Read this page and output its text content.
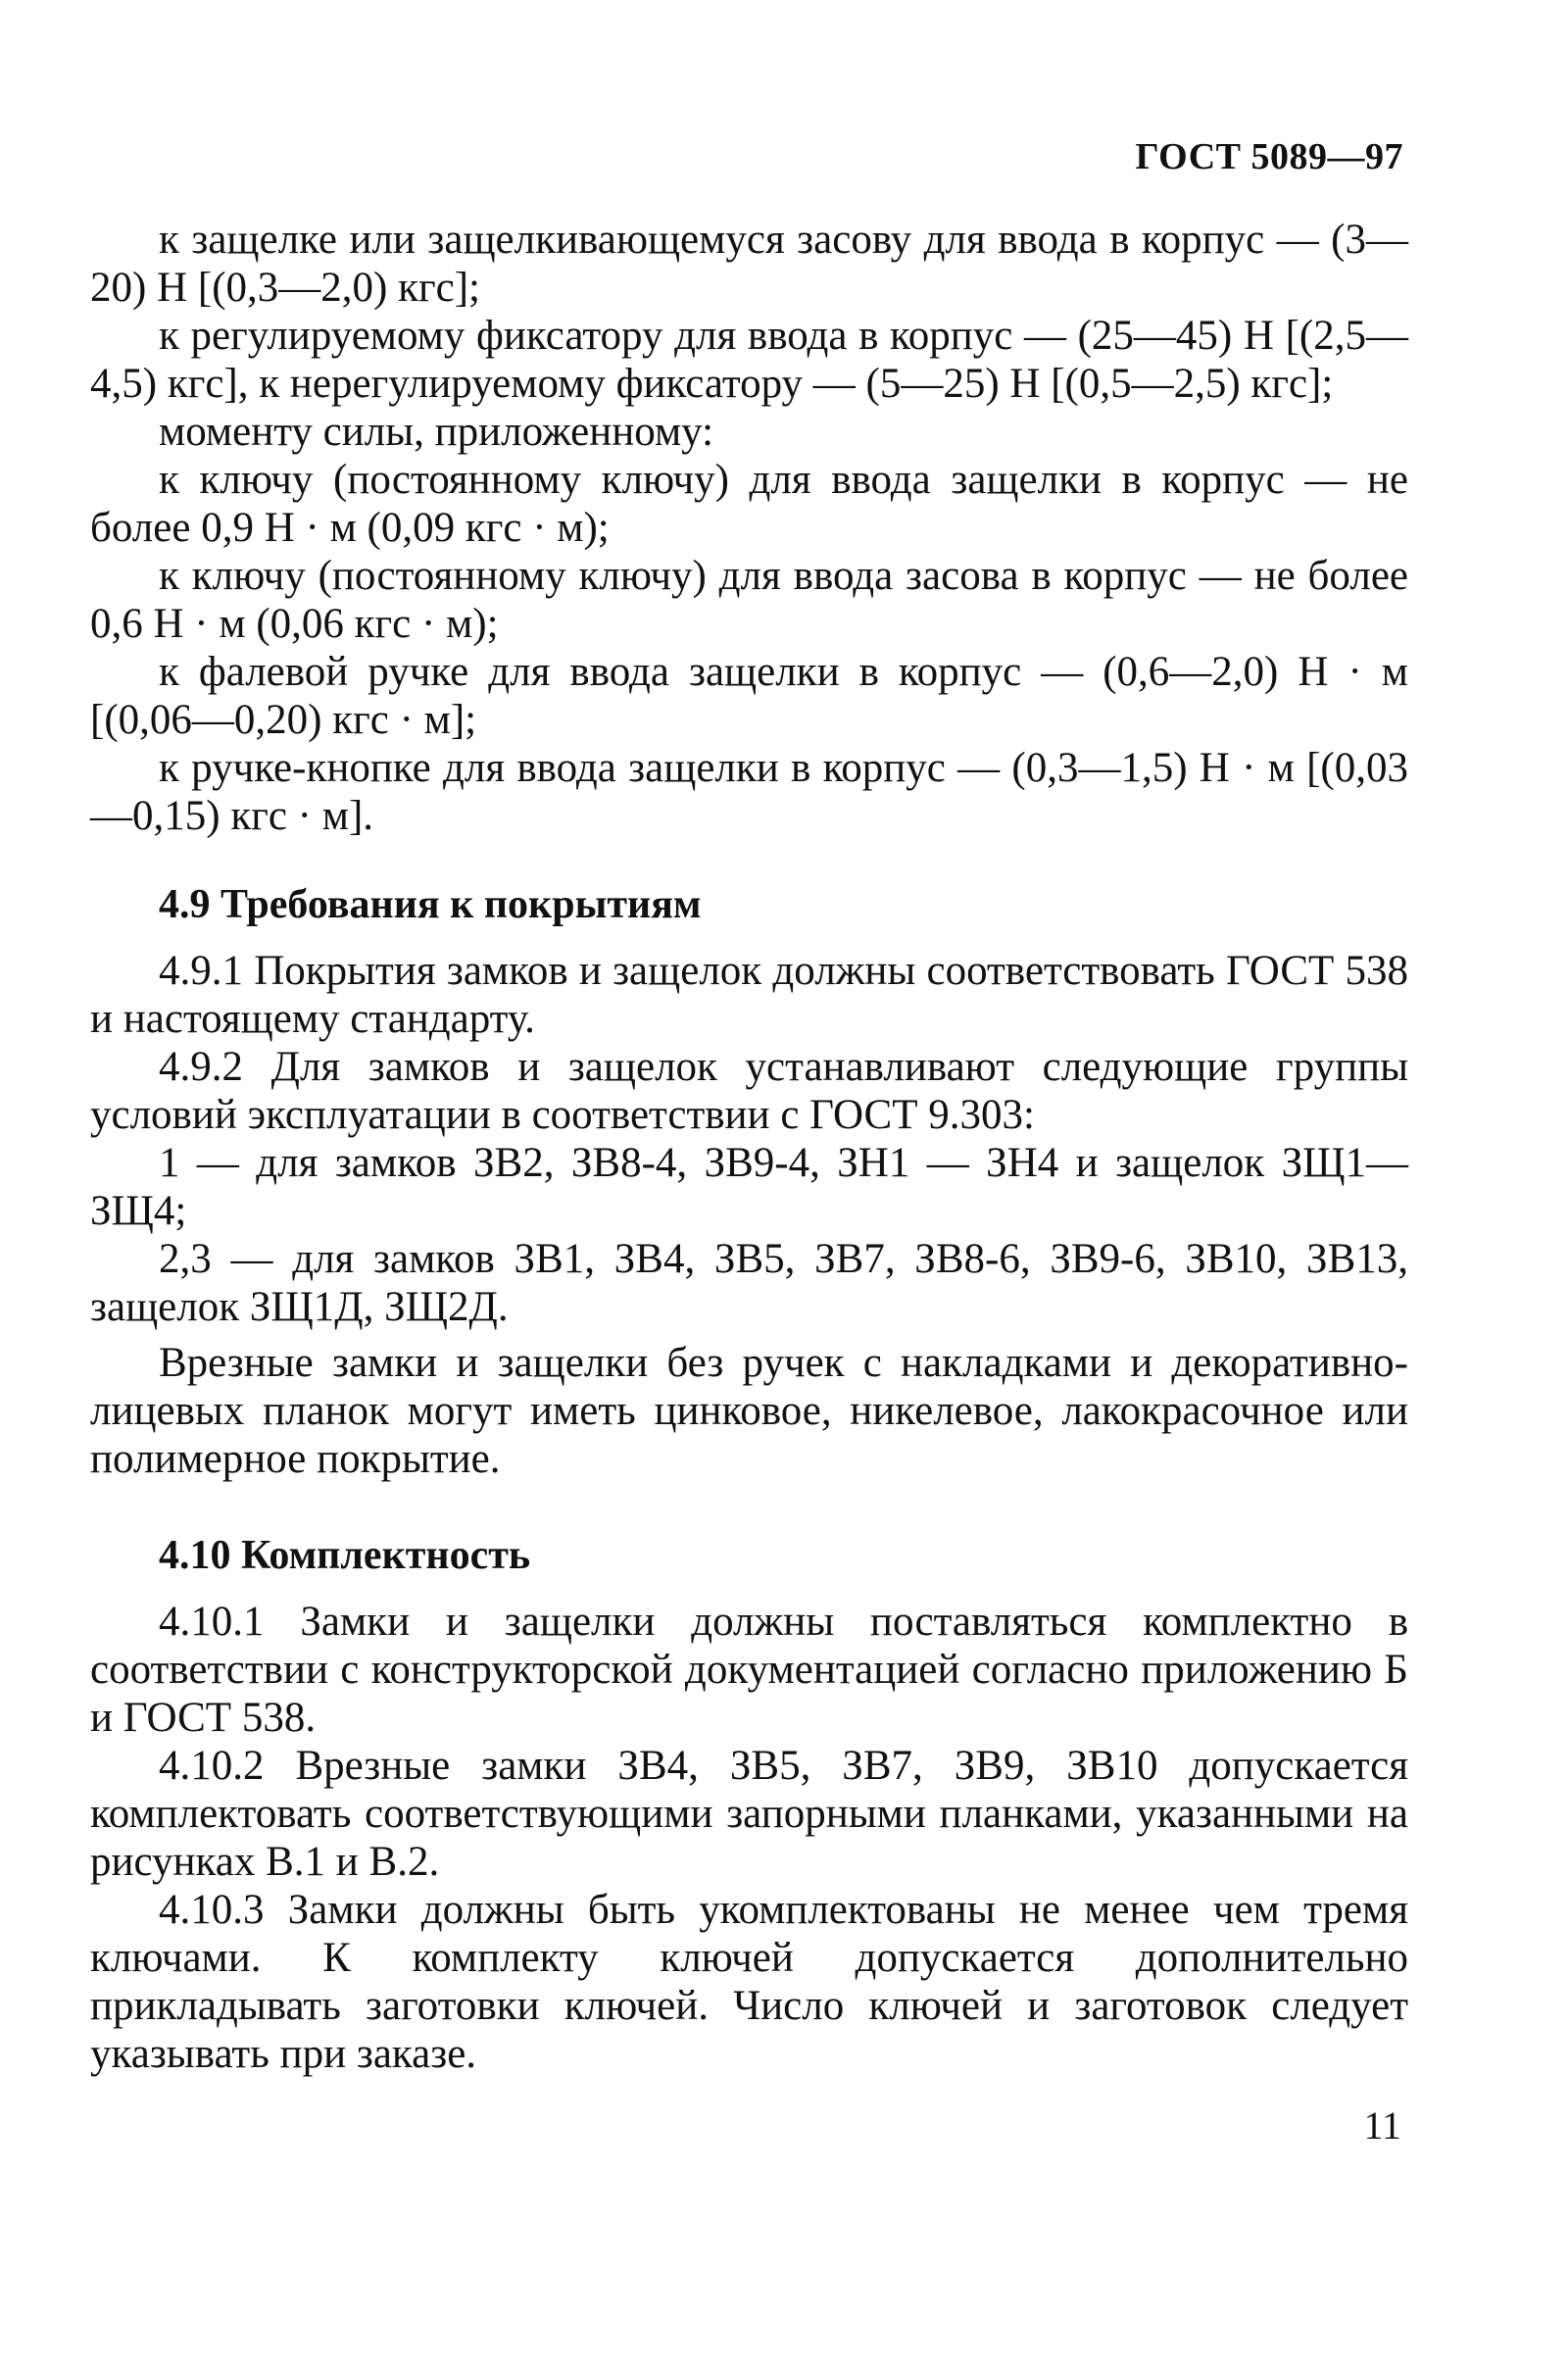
ГОСТ 5089—97

к защелке или защелкивающемуся засову для ввода в корпус — (3—20) Н [(0,3—2,0) кгс];

к регулируемому фиксатору для ввода в корпус — (25—45) Н [(2,5—4,5) кгс], к нерегулируемому фиксатору — (5—25) Н [(0,5—2,5) кгс];

моменту силы, приложенному:

к ключу (постоянному ключу) для ввода защелки в корпус — не более 0,9 Н · м (0,09 кгс · м);

к ключу (постоянному ключу) для ввода засова в корпус — не более 0,6 Н · м (0,06 кгс · м);

к фалевой ручке для ввода защелки в корпус — (0,6—2,0) Н · м [(0,06—0,20) кгс · м];

к ручке-кнопке для ввода защелки в корпус — (0,3—1,5) Н · м [(0,03—0,15) кгс · м].

4.9 Требования к покрытиям

4.9.1 Покрытия замков и защелок должны соответствовать ГОСТ 538 и настоящему стандарту.

4.9.2 Для замков и защелок устанавливают следующие группы условий эксплуатации в соответствии с ГОСТ 9.303:

1 — для замков ЗВ2, ЗВ8-4, ЗВ9-4, ЗН1 — ЗН4 и защелок ЗЩ1—ЗЩ4;

2,3 — для замков ЗВ1, ЗВ4, ЗВ5, ЗВ7, ЗВ8-6, ЗВ9-6, ЗВ10, ЗВ13, защелок ЗЩ1Д, ЗЩ2Д.

Врезные замки и защелки без ручек с накладками и декоративно-лицевых планок могут иметь цинковое, никелевое, лакокрасочное или полимерное покрытие.

4.10 Комплектность

4.10.1 Замки и защелки должны поставляться комплектно в соответствии с конструкторской документацией согласно приложению Б и ГОСТ 538.

4.10.2 Врезные замки ЗВ4, ЗВ5, ЗВ7, ЗВ9, ЗВ10 допускается комплектовать соответствующими запорными планками, указанными на рисунках В.1 и В.2.

4.10.3 Замки должны быть укомплектованы не менее чем тремя ключами. К комплекту ключей допускается дополнительно прикладывать заготовки ключей. Число ключей и заготовок следует указывать при заказе.

11
